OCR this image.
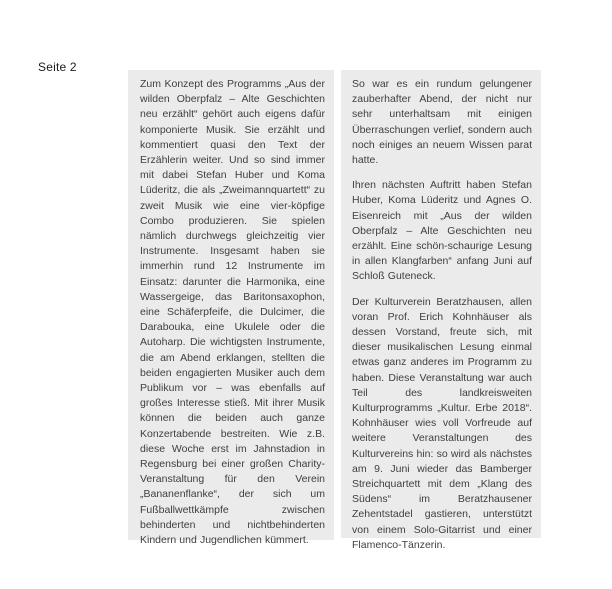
Seite 2

Zum Konzept des Programms „Aus der wilden Oberpfalz – Alte Geschichten neu erzählt“ gehört auch eigens dafür komponierte Musik. Sie erzählt und kommentiert quasi den Text der Erzählerin weiter. Und so sind immer mit dabei Stefan Huber und Koma Lüderitz, die als „Zweimannquartett“ zu zweit Musik wie eine vier-köpfige Combo produzieren. Sie spielen nämlich durchwegs gleichzeitig vier Instrumente. Insgesamt haben sie immerhin rund 12 Instrumente im Einsatz: darunter die Harmonika, eine Wassergeige, das Baritonsaxophon, eine Schäferpfeife, die Dulcimer, die Darabouka, eine Ukulele oder die Autoharp. Die wichtigsten Instrumente, die am Abend erklangen, stellten die beiden engagierten Musiker auch dem Publikum vor – was ebenfalls auf großes Interesse stieß. Mit ihrer Musik können die beiden auch ganze Konzertabende bestreiten. Wie z.B. diese Woche erst im Jahnstadion in Regensburg bei einer großen Charity-Veranstaltung für den Verein „Bananenflanke“, der sich um Fußballwettkämpfe zwischen behinderten und nichtbehinderten Kindern und Jugendlichen kümmert.

So war es ein rundum gelungener zauberhafter Abend, der nicht nur sehr unterhaltsam mit einigen Überraschungen verlief, sondern auch noch einiges an neuem Wissen parat hatte.

Ihren nächsten Auftritt haben Stefan Huber, Koma Lüderitz und Agnes O. Eisenreich mit „Aus der wilden Oberpfalz – Alte Geschichten neu erzählt. Eine schön-schaurige Lesung in allen Klangfarben“ anfang Juni auf Schloß Guteneck.

Der Kulturverein Beratzhausen, allen voran Prof. Erich Kohnhäuser als dessen Vorstand, freute sich, mit dieser musikalischen Lesung einmal etwas ganz anderes im Programm zu haben. Diese Veranstaltung war auch Teil des landkreisweiten Kulturprogramms „Kultur. Erbe 2018“. Kohnhäuser wies voll Vorfreude auf weitere Veranstaltungen des Kulturvereins hin: so wird als nächstes am 9. Juni wieder das Bamberger Streichquartett mit dem „Klang des Südens“ im Beratzhausener Zehentstadel gastieren, unterstützt von einem Solo-Gitarrist und einer Flamenco-Tänzerin.
